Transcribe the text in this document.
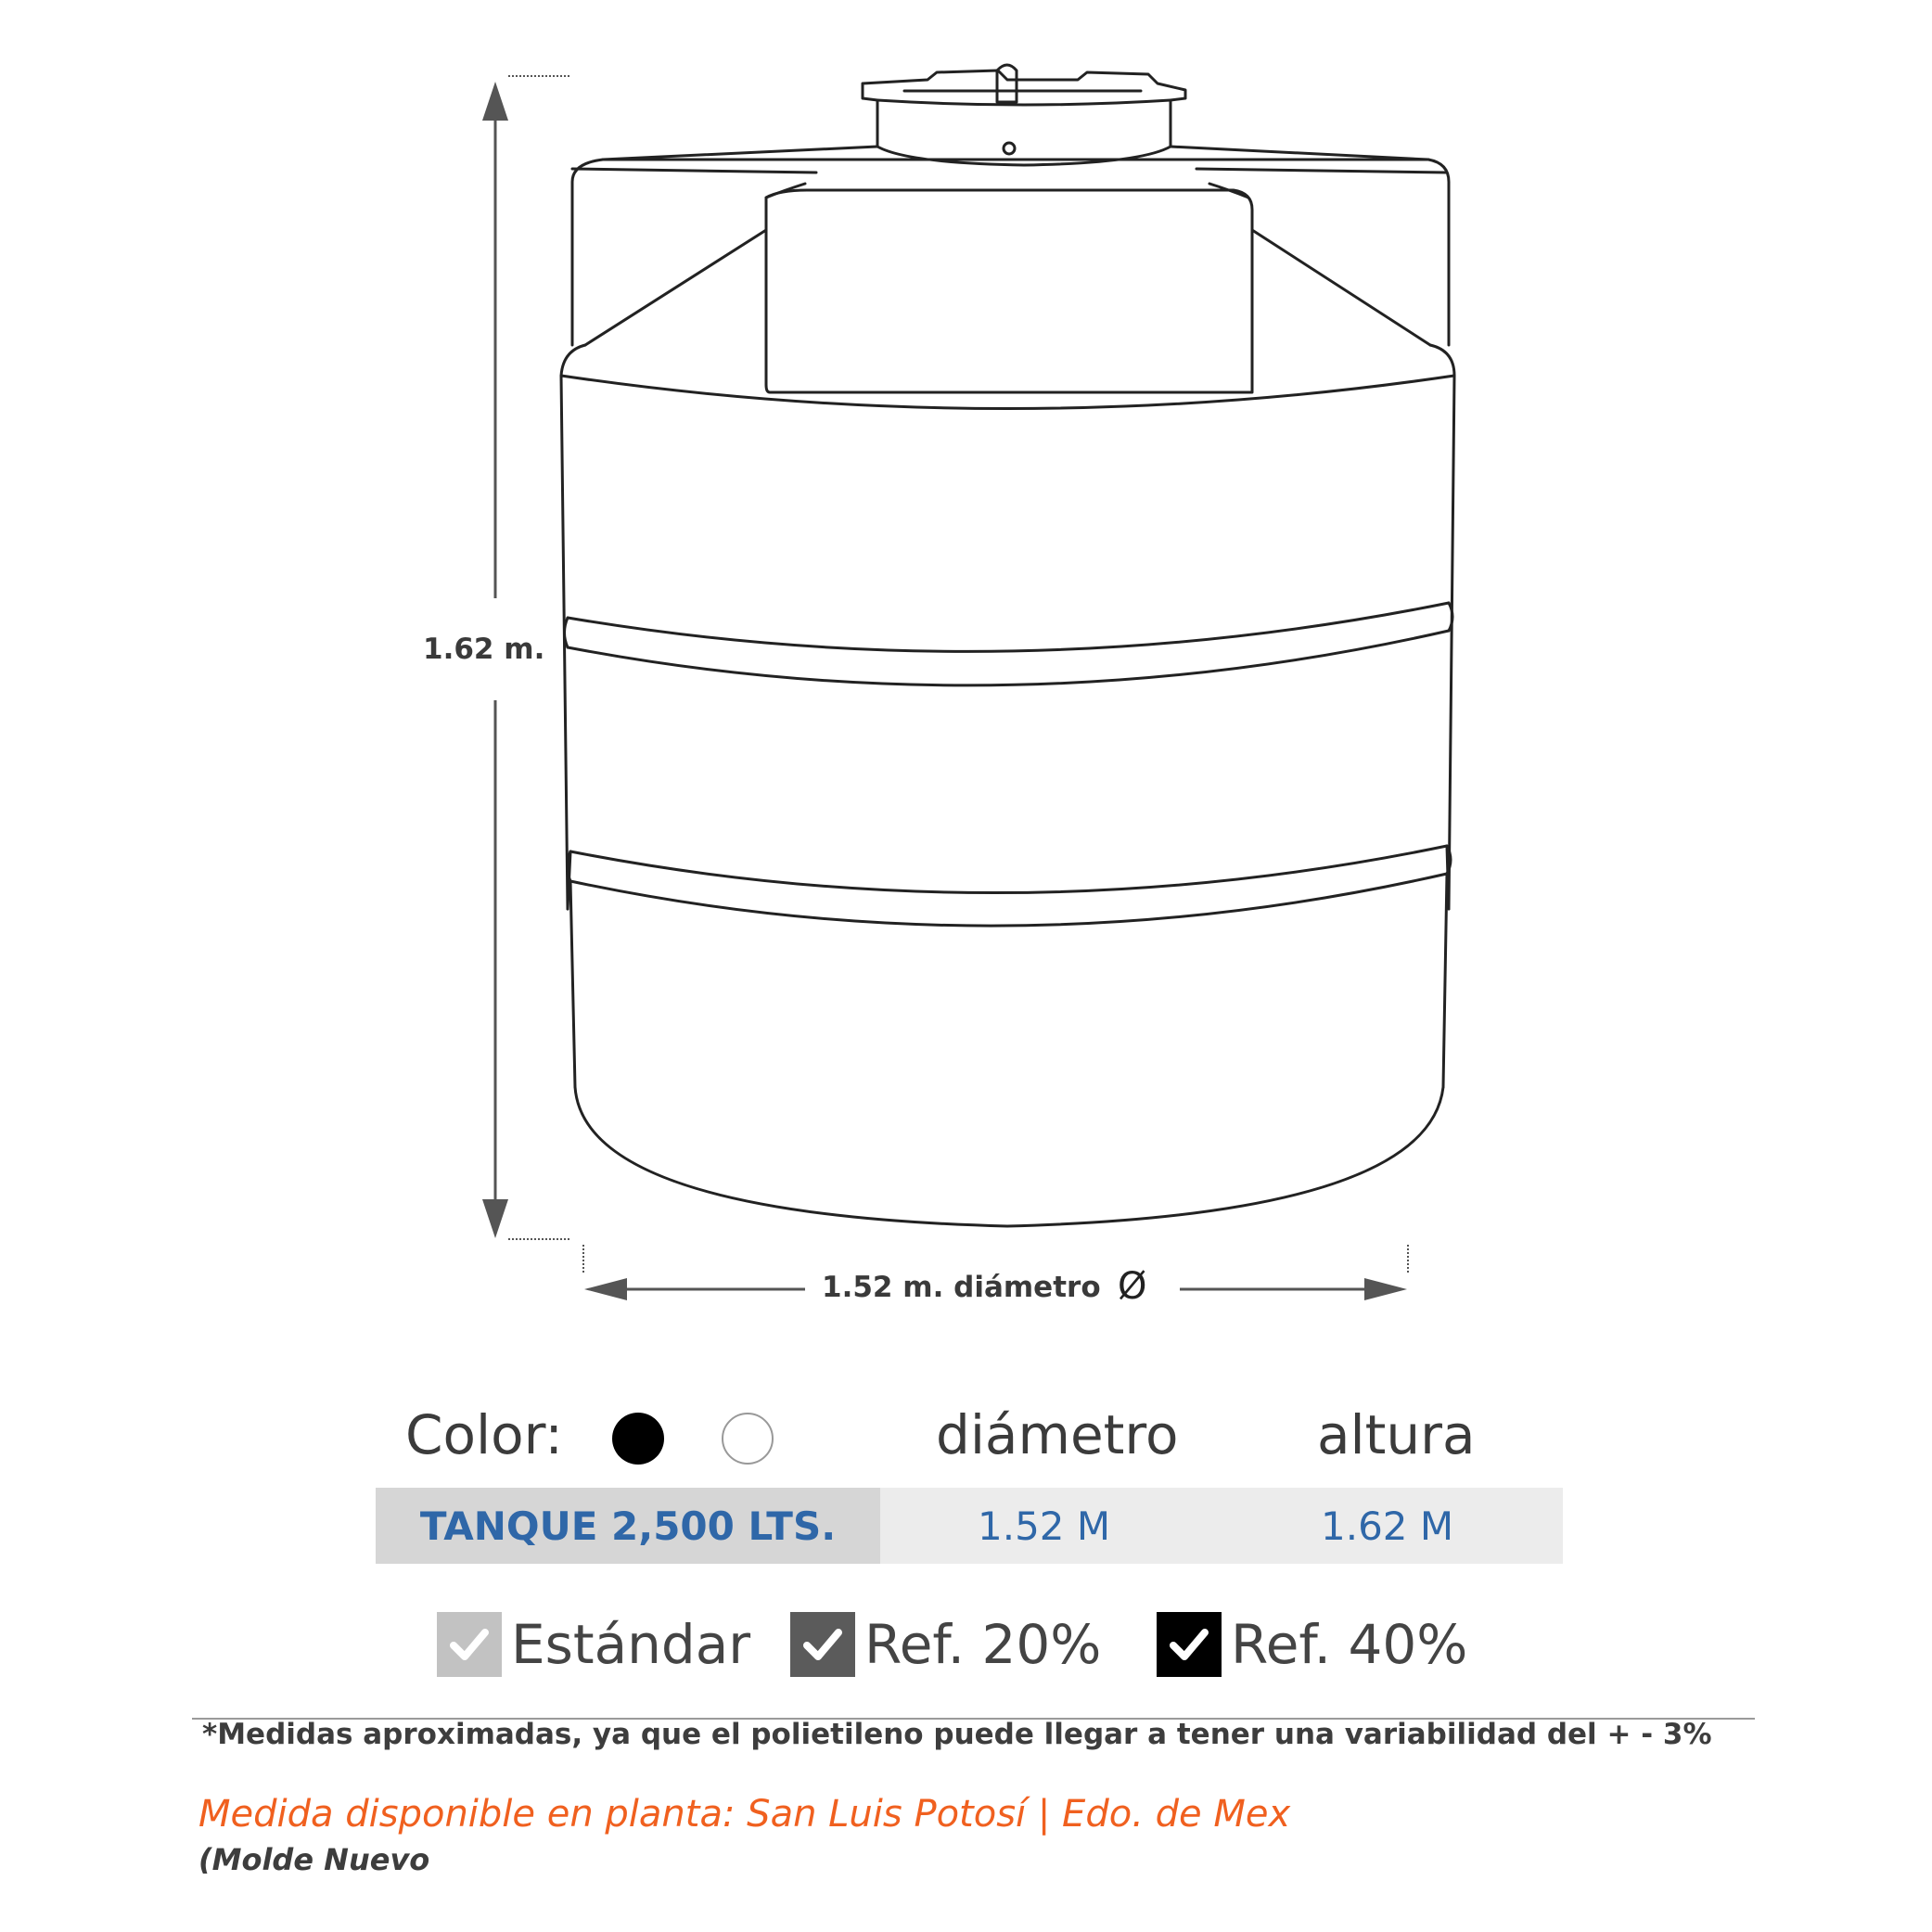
1.62 m.
1.52 m. diámetro Ø
Color:	diámetro	altura
TANQUE 2,500 LTS.	1.52 M	1.62 M
Estándar Ref. 20% Ref. 40%
*Medidas aproximadas, ya que el polietileno puede llegar a tener una variabilidad del + - 3%
Medida disponible en planta: San Luis Potosí | Edo. de Mex
(Molde Nuevo
